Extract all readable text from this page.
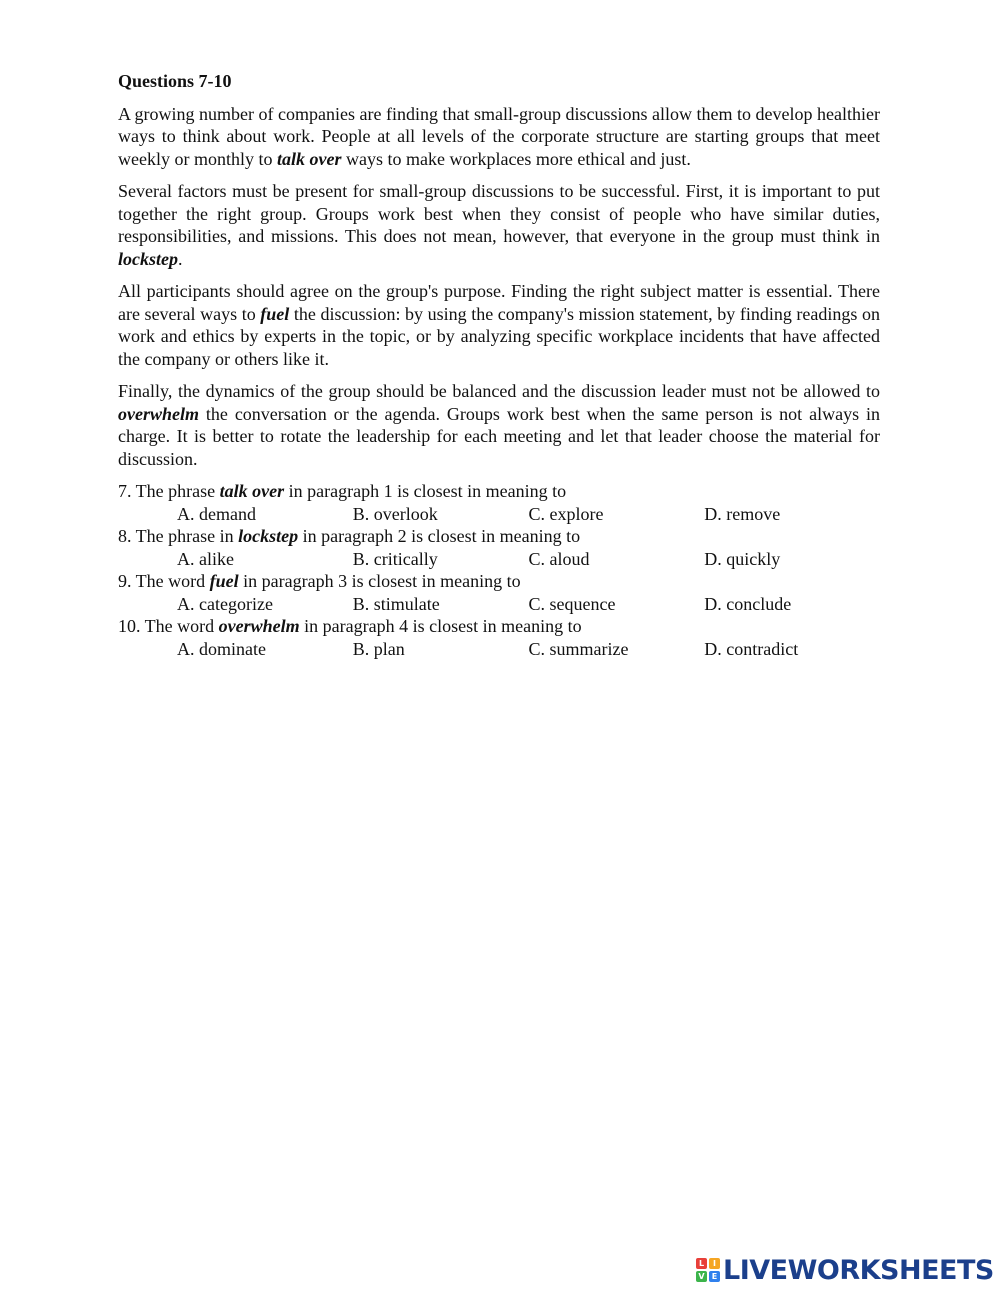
Questions 7-10

A growing number of companies are finding that small-group discussions allow them to develop healthier ways to think about work. People at all levels of the corporate structure are starting groups that meet weekly or monthly to talk over ways to make workplaces more ethical and just.

Several factors must be present for small-group discussions to be successful. First, it is important to put together the right group. Groups work best when they consist of people who have similar duties, responsibilities, and missions. This does not mean, however, that everyone in the group must think in lockstep.

All participants should agree on the group's purpose. Finding the right subject matter is essential. There are several ways to fuel the discussion: by using the company's mission statement, by finding readings on work and ethics by experts in the topic, or by analyzing specific workplace incidents that have affected the company or others like it.

Finally, the dynamics of the group should be balanced and the discussion leader must not be allowed to overwhelm the conversation or the agenda. Groups work best when the same person is not always in charge. It is better to rotate the leadership for each meeting and let that leader choose the material for discussion.

7. The phrase talk over in paragraph 1 is closest in meaning to
A. demand	B. overlook	C. explore	D. remove
8. The phrase in lockstep in paragraph 2 is closest in meaning to
A. alike	B. critically	C. aloud	D. quickly
9. The word fuel in paragraph 3 is closest in meaning to
A. categorize	B. stimulate	C. sequence	D. conclude
10. The word overwhelm in paragraph 4 is closest in meaning to
A. dominate	B. plan	C. summarize	D. contradict
L	I
V E LIVEWORKSHEETS
